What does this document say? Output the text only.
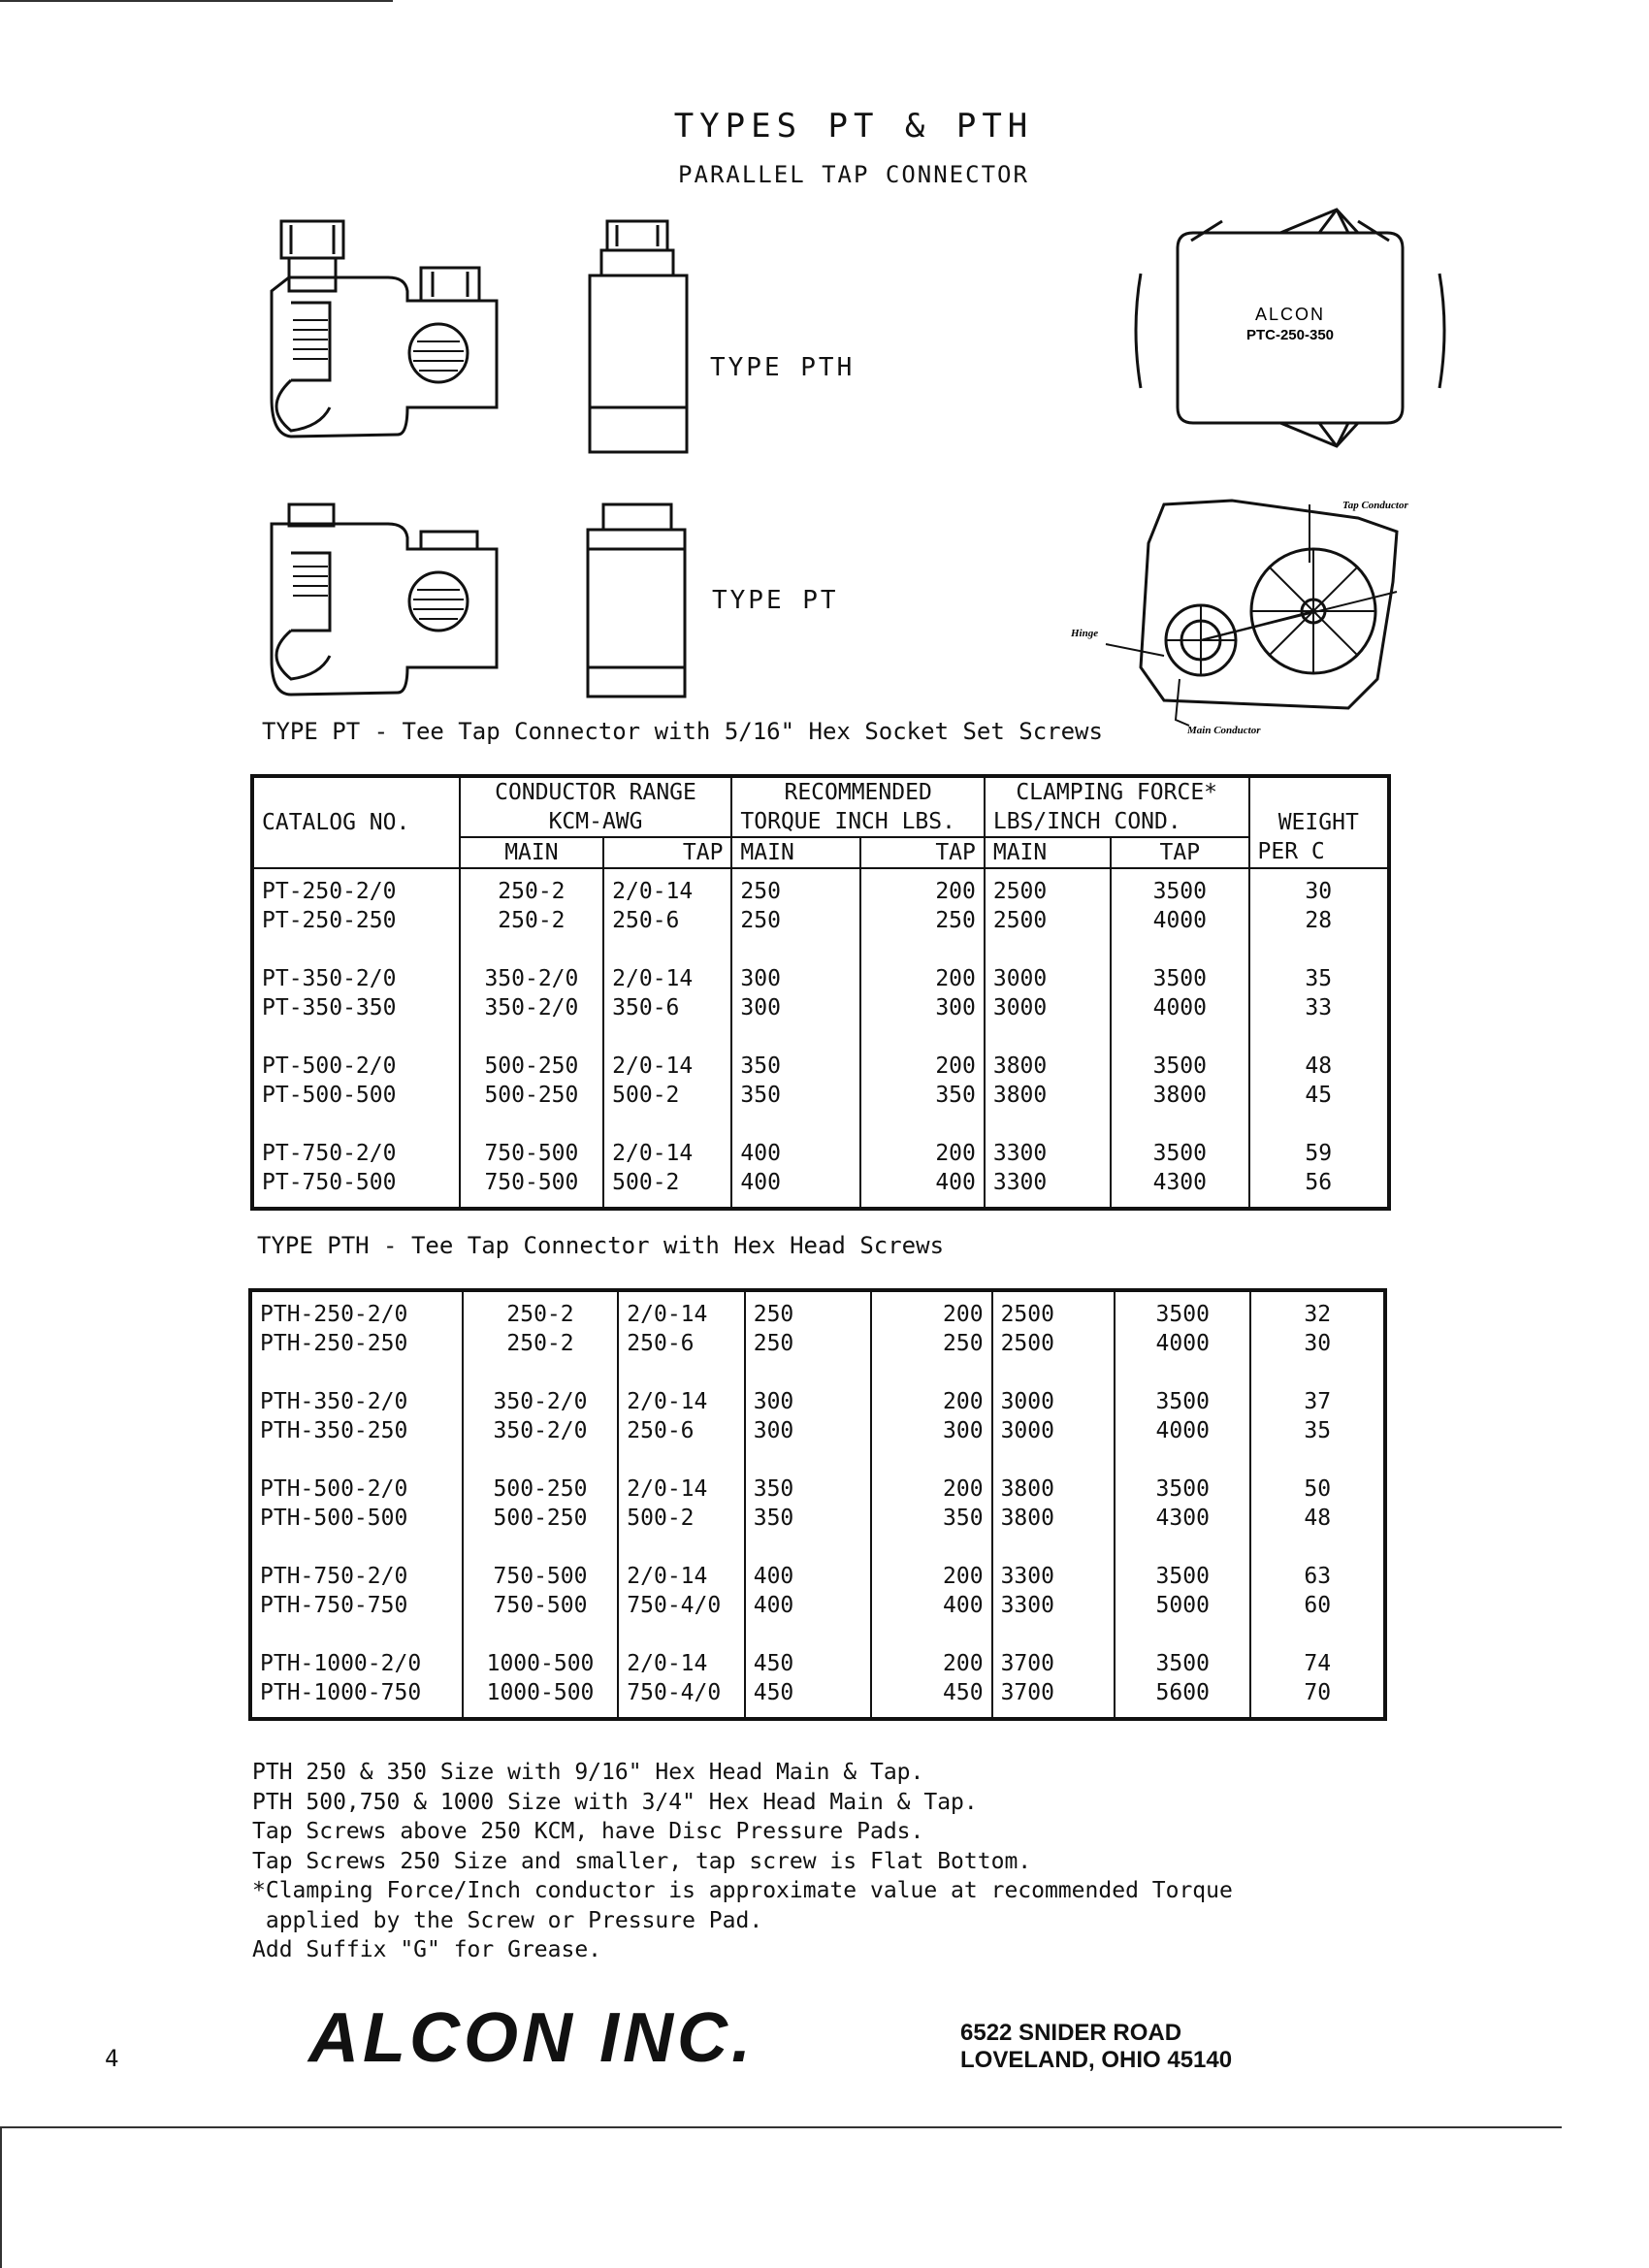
TYPES PT & PTH
PARALLEL TAP CONNECTOR
ALCON
PTC-250-350
Tap Conductor
Hinge
Main Conductor
TYPE PTH
TYPE PT
TYPE PT - Tee Tap Connector with 5/16" Hex Socket Set Screws
CATALOG NO.	CONDUCTOR RANGE		RECOMMENDED		CLAMPING FORCE*		WEIGHT
	KCM-AWG		TORQUE INCH LBS.		LBS/INCH COND.		
	MAIN	TAP	MAIN	TAP	MAIN	TAP	PER C
PT-250-2/0	250-2	2/0-14	250	200	2500	3500	30
PT-250-250	250-2	250-6	250	250	2500	4000	28
PT-350-2/0	350-2/0	2/0-14	300	200	3000	3500	35
PT-350-350	350-2/0	350-6	300	300	3000	4000	33
PT-500-2/0	500-250	2/0-14	350	200	3800	3500	48
PT-500-500	500-250	500-2	350	350	3800	3800	45
PT-750-2/0	750-500	2/0-14	400	200	3300	3500	59
PT-750-500	750-500	500-2	400	400	3300	4300	56
TYPE PTH - Tee Tap Connector with Hex Head Screws
PTH-250-2/0	250-2	2/0-14	250	200	2500	3500	32
PTH-250-250	250-2	250-6	250	250	2500	4000	30
PTH-350-2/0	350-2/0	2/0-14	300	200	3000	3500	37
PTH-350-250	350-2/0	250-6	300	300	3000	4000	35
PTH-500-2/0	500-250	2/0-14	350	200	3800	3500	50
PTH-500-500	500-250	500-2	350	350	3800	4300	48
PTH-750-2/0	750-500	2/0-14	400	200	3300	3500	63
PTH-750-750	750-500	750-4/0	400	400	3300	5000	60
PTH-1000-2/0	1000-500	2/0-14	450	200	3700	3500	74
PTH-1000-750	1000-500	750-4/0	450	450	3700	5600	70
PTH 250 & 350 Size with 9/16" Hex Head Main & Tap.
PTH 500,750 & 1000 Size with 3/4" Hex Head Main & Tap.
Tap Screws above 250 KCM, have Disc Pressure Pads.
Tap Screws 250 Size and smaller, tap screw is Flat Bottom.
*Clamping Force/Inch conductor is approximate value at recommended Torque
applied by the Screw or Pressure Pad.
Add Suffix "G" for Grease.
ALCON INC.	6522 SNIDER ROAD
LOVELAND, OHIO 45140
4
